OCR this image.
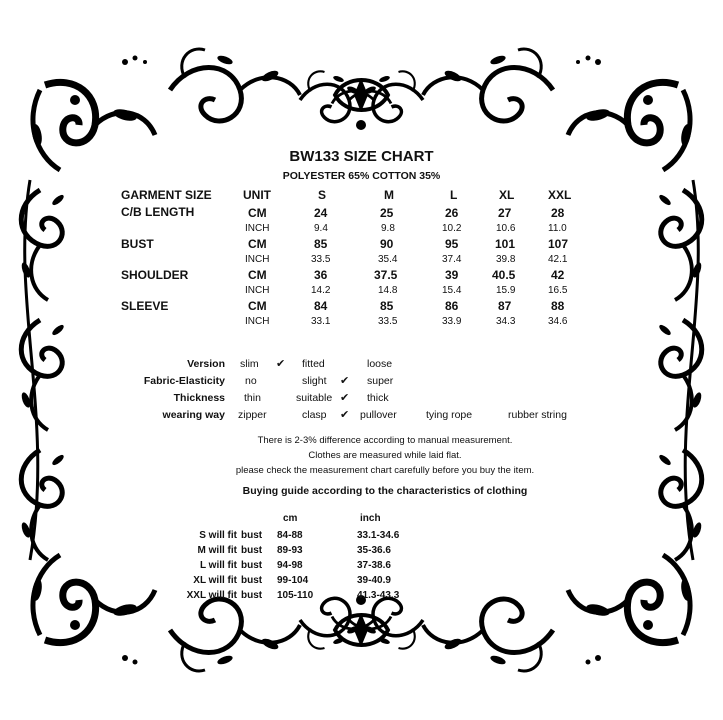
BW133 SIZE CHART
POLYESTER 65% COTTON 35%
GARMENT SIZE	UNIT	S	M	L	XL	XXL
C/B LENGTH	CM	24	25	26	27	28
INCH	9.4	9.8	10.2	10.6	11.0
BUST	CM	85	90	95	101	107
INCH	33.5	35.4	37.4	39.8	42.1
SHOULDER	CM	36	37.5	39	40.5	42
INCH	14.2	14.8	15.4	15.9	16.5
SLEEVE	CM	84	85	86	87	88
INCH	33.1	33.5	33.9	34.3	34.6
Version slim ✔ fitted	loose
Fabric-Elasticity no	slight ✔ super
Thickness thin	suitable ✔ thick
wearing way zipper	clasp ✔ pullover	tying rope	rubber string
There is 2-3% difference according to manual measurement.
Clothes are measured while laid flat.
please check the measurement chart carefully before you buy the item.
Buying guide according to the characteristics of clothing
cm	inch
S will fit bust 84-88	33.1-34.6
M will fit bust 89-93	35-36.6
L will fit bust 94-98	37-38.6
XL will fit bust 99-104	39-40.9
XXL will fit bust 105-110	41.3-43.3
